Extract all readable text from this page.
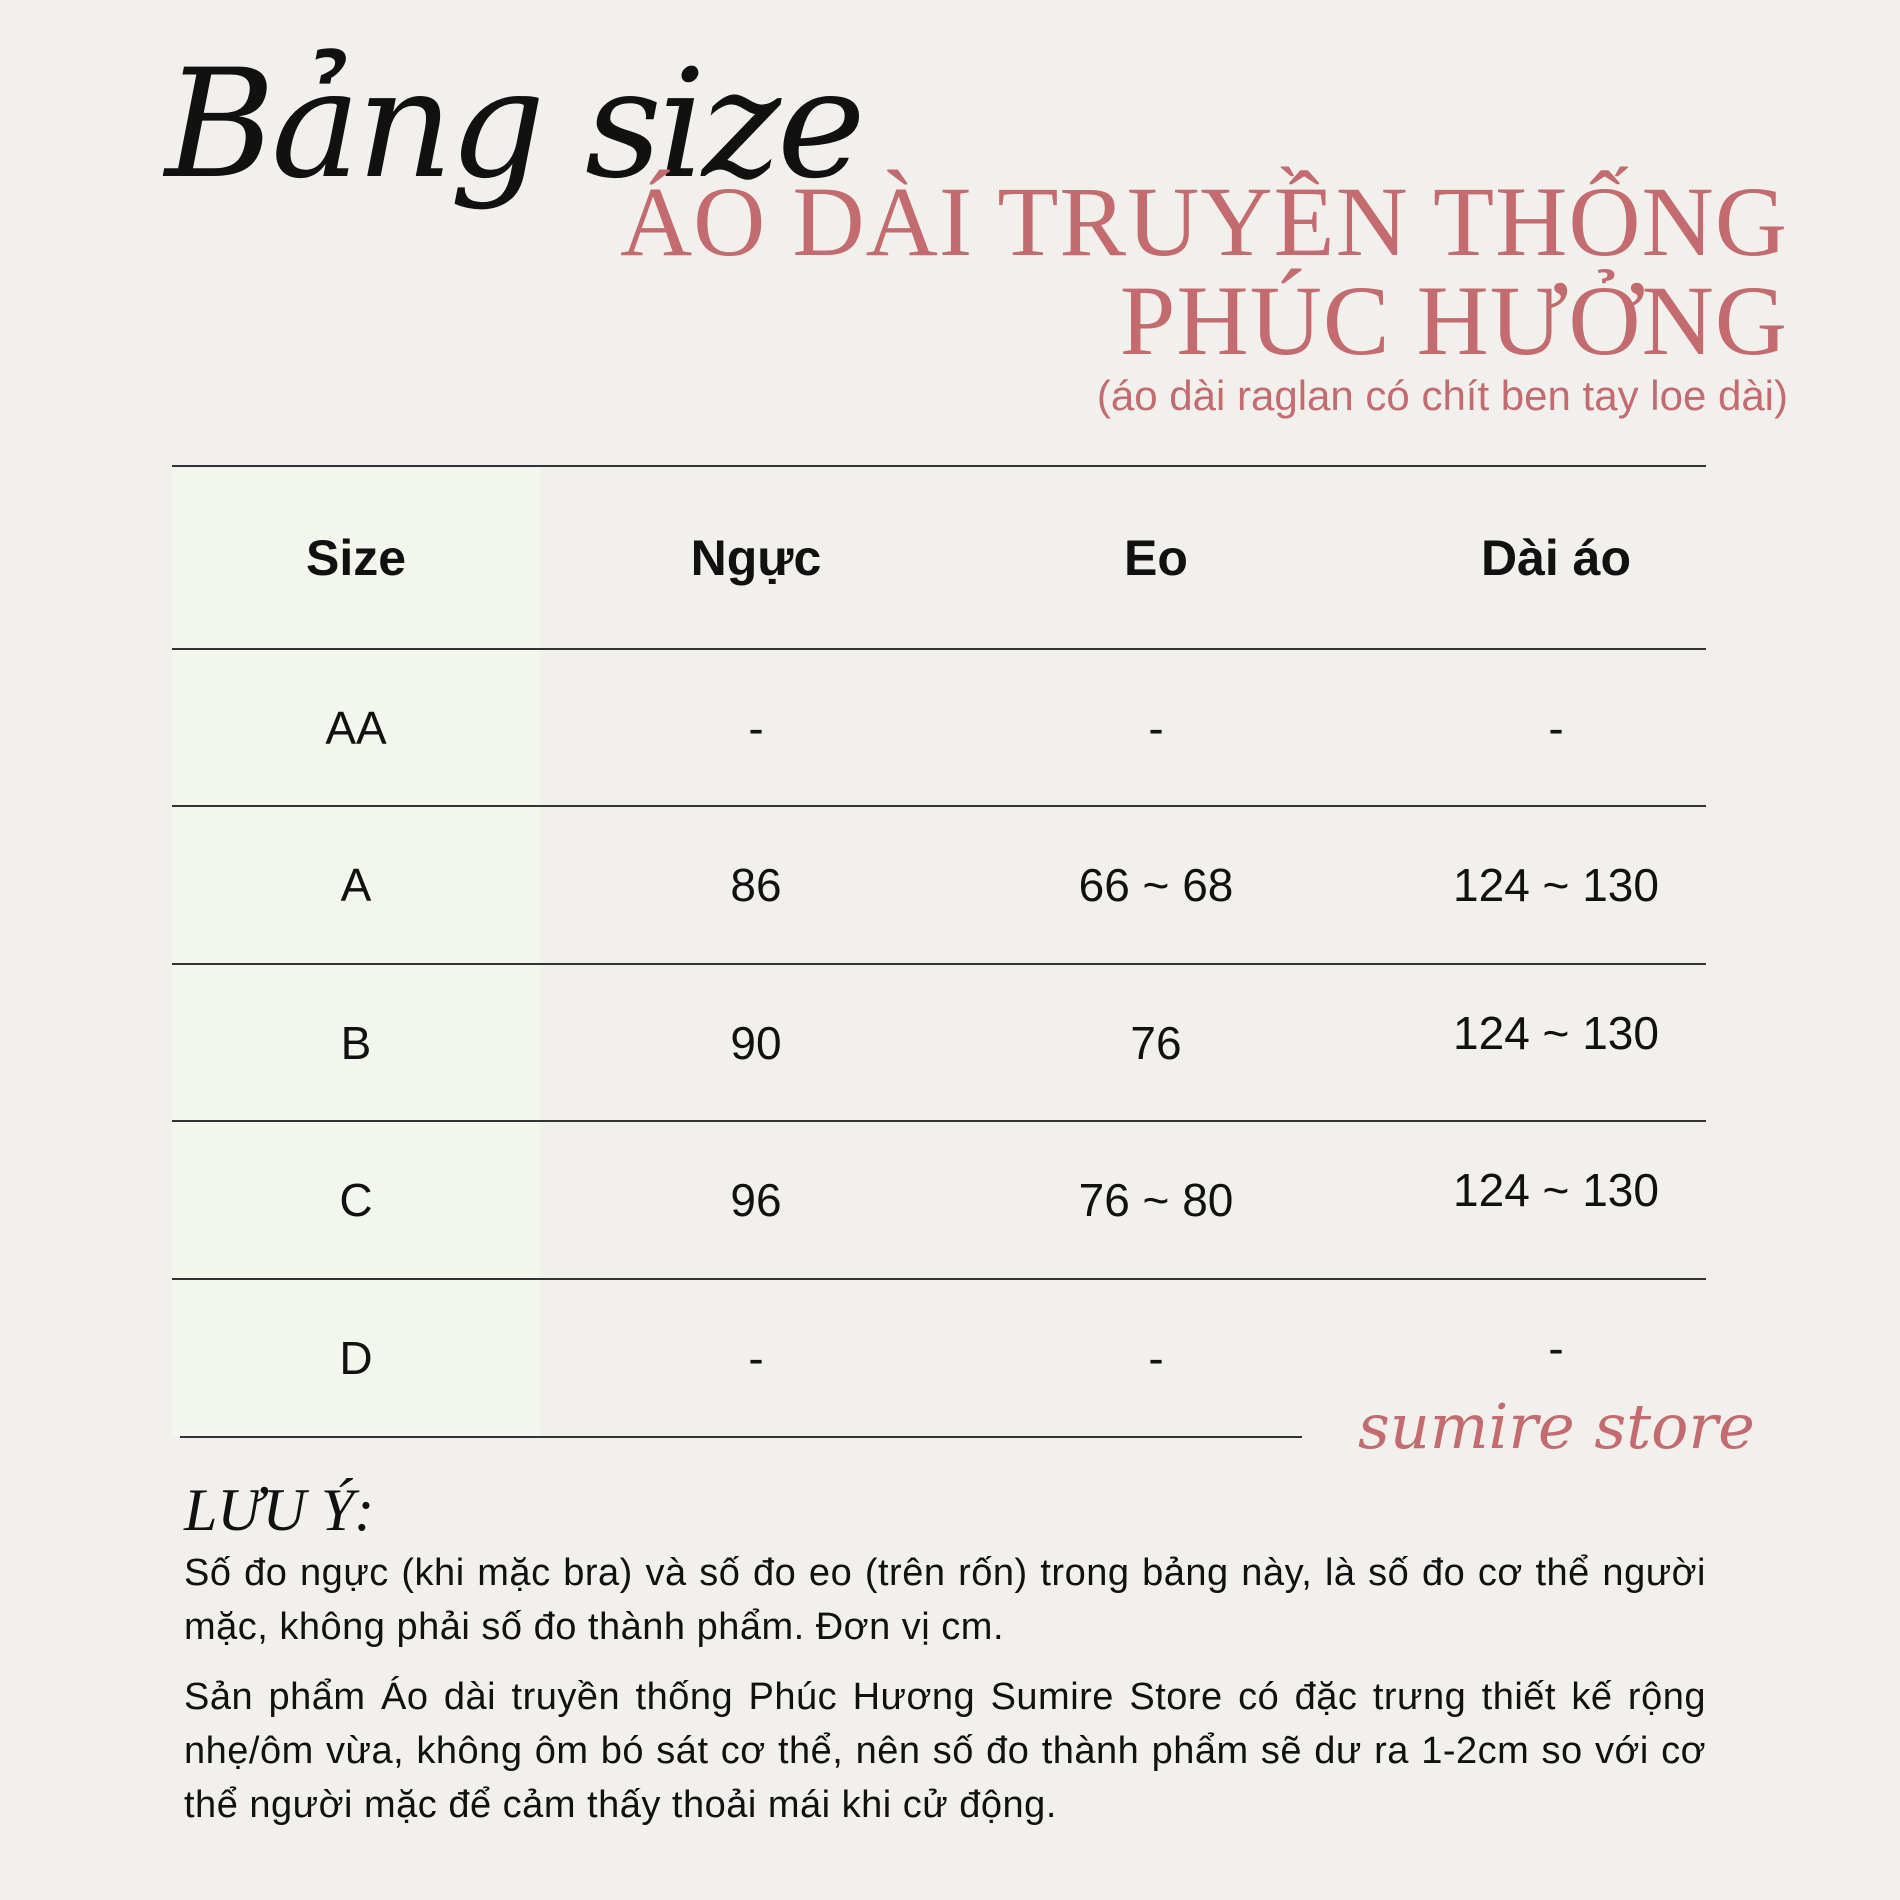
Bảng size
ÁO DÀI TRUYỀN THỐNG
PHÚC HƯỞNG
(áo dài raglan có chít ben tay loe dài)
Size	Ngực	Eo	Dài áo
AA	-	-	-
A	86	66 ~ 68	124 ~ 130
B	90	76	124 ~ 130
C	96	76 ~ 80	124 ~ 130
D	-	-	-
sumire store
LƯU Ý:
Số đo ngực (khi mặc bra) và số đo eo (trên rốn) trong bảng này, là số đo cơ thể người mặc, không phải số đo thành phẩm. Đơn vị cm.
Sản phẩm Áo dài truyền thống Phúc Hương Sumire Store có đặc trưng thiết kế rộng nhẹ/ôm vừa, không ôm bó sát cơ thể, nên số đo thành phẩm sẽ dư ra 1-2cm so với cơ thể người mặc để cảm thấy thoải mái khi cử động.
